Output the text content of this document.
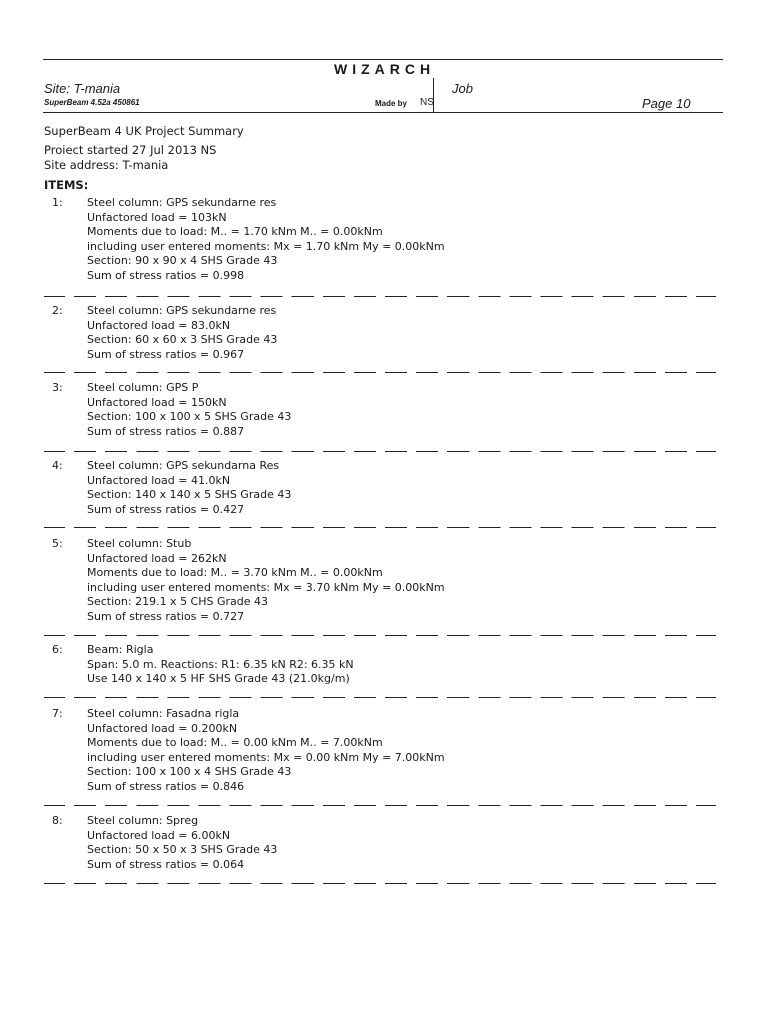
WIZARCH
Site: T-mania	Job
SuperBeam 4.52a 450861	Made by NS	Page 10
SuperBeam 4 UK Project Summary
Proiect started 27 Jul 2013 NS
Site address: T-mania
ITEMS:
1: Steel column: GPS sekundarne res
Unfactored load = 103kN
Moments due to load: M.. = 1.70 kNm M.. = 0.00kNm
including user entered moments: Mx = 1.70 kNm My = 0.00kNm
Section: 90 x 90 x 4 SHS Grade 43
Sum of stress ratios = 0.998
2: Steel column: GPS sekundarne res
Unfactored load = 83.0kN
Section: 60 x 60 x 3 SHS Grade 43
Sum of stress ratios = 0.967
3: Steel column: GPS P
Unfactored load = 150kN
Section: 100 x 100 x 5 SHS Grade 43
Sum of stress ratios = 0.887
4: Steel column: GPS sekundarna Res
Unfactored load = 41.0kN
Section: 140 x 140 x 5 SHS Grade 43
Sum of stress ratios = 0.427
5: Steel column: Stub
Unfactored load = 262kN
Moments due to load: M.. = 3.70 kNm M.. = 0.00kNm
including user entered moments: Mx = 3.70 kNm My = 0.00kNm
Section: 219.1 x 5 CHS Grade 43
Sum of stress ratios = 0.727
6: Beam: Rigla
Span: 5.0 m. Reactions: R1: 6.35 kN R2: 6.35 kN
Use 140 x 140 x 5 HF SHS Grade 43 (21.0kg/m)
7: Steel column: Fasadna rigla
Unfactored load = 0.200kN
Moments due to load: M.. = 0.00 kNm M.. = 7.00kNm
including user entered moments: Mx = 0.00 kNm My = 7.00kNm
Section: 100 x 100 x 4 SHS Grade 43
Sum of stress ratios = 0.846
8: Steel column: Spreg
Unfactored load = 6.00kN
Section: 50 x 50 x 3 SHS Grade 43
Sum of stress ratios = 0.064
